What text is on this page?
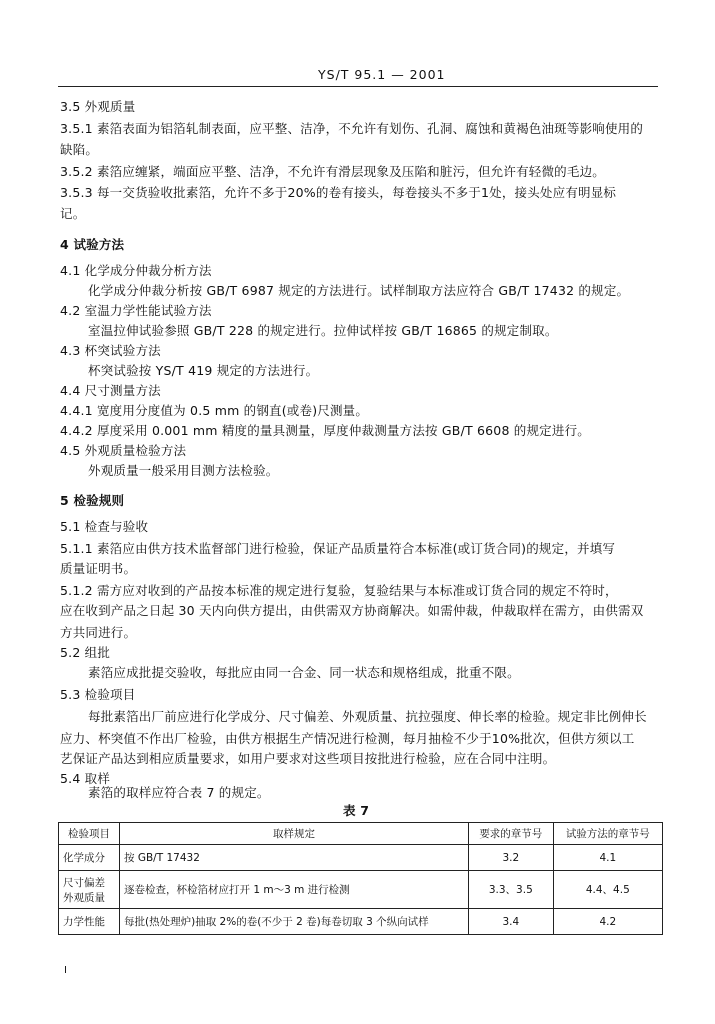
YS/T 95.1 — 2001
3.5 外观质量
3.5.1 素箔表面为铝箔轧制表面，应平整、洁净，不允许有划伤、孔洞、腐蚀和黄褐色油斑等影响使用的
缺陷。
3.5.2 素箔应缠紧，端面应平整、洁净，不允许有滑层现象及压陷和脏污，但允许有轻微的毛边。
3.5.3 每一交货验收批素箔，允许不多于20%的卷有接头，每卷接头不多于1处，接头处应有明显标
记。
4 试验方法
4.1 化学成分仲裁分析方法
化学成分仲裁分析按 GB/T 6987 规定的方法进行。试样制取方法应符合 GB/T 17432 的规定。
4.2 室温力学性能试验方法
室温拉伸试验参照 GB/T 228 的规定进行。拉伸试样按 GB/T 16865 的规定制取。
4.3 杯突试验方法
杯突试验按 YS/T 419 规定的方法进行。
4.4 尺寸测量方法
4.4.1 宽度用分度值为 0.5 mm 的钢直(或卷)尺测量。
4.4.2 厚度采用 0.001 mm 精度的量具测量，厚度仲裁测量方法按 GB/T 6608 的规定进行。
4.5 外观质量检验方法
外观质量一般采用目测方法检验。
5 检验规则
5.1 检查与验收
5.1.1 素箔应由供方技术监督部门进行检验，保证产品质量符合本标准(或订货合同)的规定，并填写
质量证明书。
5.1.2 需方应对收到的产品按本标准的规定进行复验，复验结果与本标准或订货合同的规定不符时，
应在收到产品之日起 30 天内向供方提出，由供需双方协商解决。如需仲裁，仲裁取样在需方，由供需双
方共同进行。
5.2 组批
素箔应成批提交验收，每批应由同一合金、同一状态和规格组成，批重不限。
5.3 检验项目
每批素箔出厂前应进行化学成分、尺寸偏差、外观质量、抗拉强度、伸长率的检验。规定非比例伸长
应力、杯突值不作出厂检验，由供方根据生产情况进行检测，每月抽检不少于10%批次，但供方须以工
艺保证产品达到相应质量要求，如用户要求对这些项目按批进行检验，应在合同中注明。
5.4 取样
素箔的取样应符合表 7 的规定。
表 7
检验项目	取样规定	要求的章节号	试验方法的章节号
化学成分	按 GB/T 17432	3.2	4.1

尺寸偏差
外观质量	逐卷检查，杯检箔材应打开 1 m～3 m 进行检测	3.3、3.5	4.4、4.5
力学性能	每批(热处理炉)抽取 2%的卷(不少于 2 卷)每卷切取 3 个纵向试样	3.4	4.2
I
